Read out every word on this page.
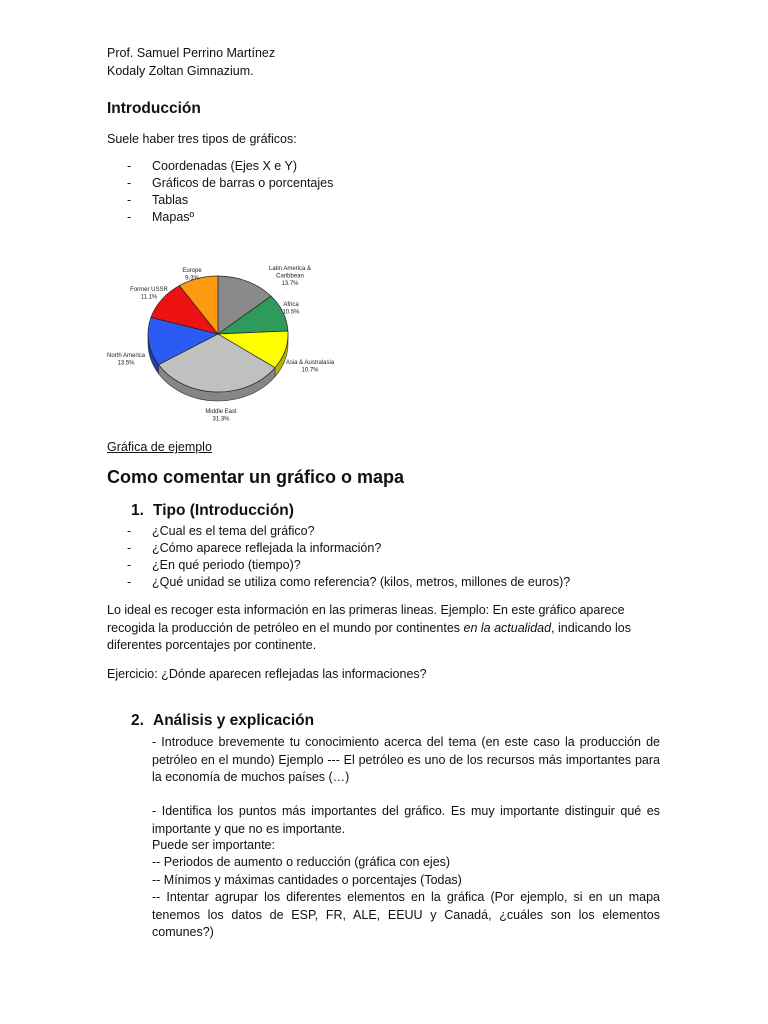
Prof. Samuel Perrino Martínez
Kodaly Zoltan Gimnazium.
Introducción
Suele haber tres tipos de gráficos:
-	Coordenadas (Ejes X e Y)
-	Gráficos de barras o porcentajes
-	Tablas
-	Mapasº
Latin America & Caribbean 13.7%
Africa 10.5%
Asia & Australasia 10.7%
Middle East 31.3%
North America 13.5%
Former USSR 11.1%
Europe 9.3%
Gráfica de ejemplo
Como comentar un gráfico o mapa
1. Tipo (Introducción)
-	¿Cual es el tema del gráfico?
-	¿Cómo aparece reflejada la información?
-	¿En qué periodo (tiempo)?
-	¿Qué unidad se utiliza como referencia? (kilos, metros, millones de euros)?
Lo ideal es recoger esta información en las primeras lineas. Ejemplo: En este gráfico aparece
recogida la producción de petróleo en el mundo por continentes en la actualidad, indicando los
diferentes porcentajes por continente.
Ejercicio: ¿Dónde aparecen reflejadas las informaciones?
2. Análisis y explicación
- Introduce brevemente tu conocimiento acerca del tema (en este caso la producción de petróleo en el mundo) Ejemplo --- El petróleo es uno de los recursos más importantes para la economía de muchos países (…)
- Identifica los puntos más importantes del gráfico. Es muy importante distinguir qué es importante y que no es importante.
Puede ser importante:
-- Periodos de aumento o reducción (gráfica con ejes)
-- Mínimos y máximas cantidades o porcentajes (Todas)
-- Intentar agrupar los diferentes elementos en la gráfica (Por ejemplo, si en un mapa tenemos los datos de ESP, FR, ALE, EEUU y Canadá, ¿cuáles son los elementos comunes?)
